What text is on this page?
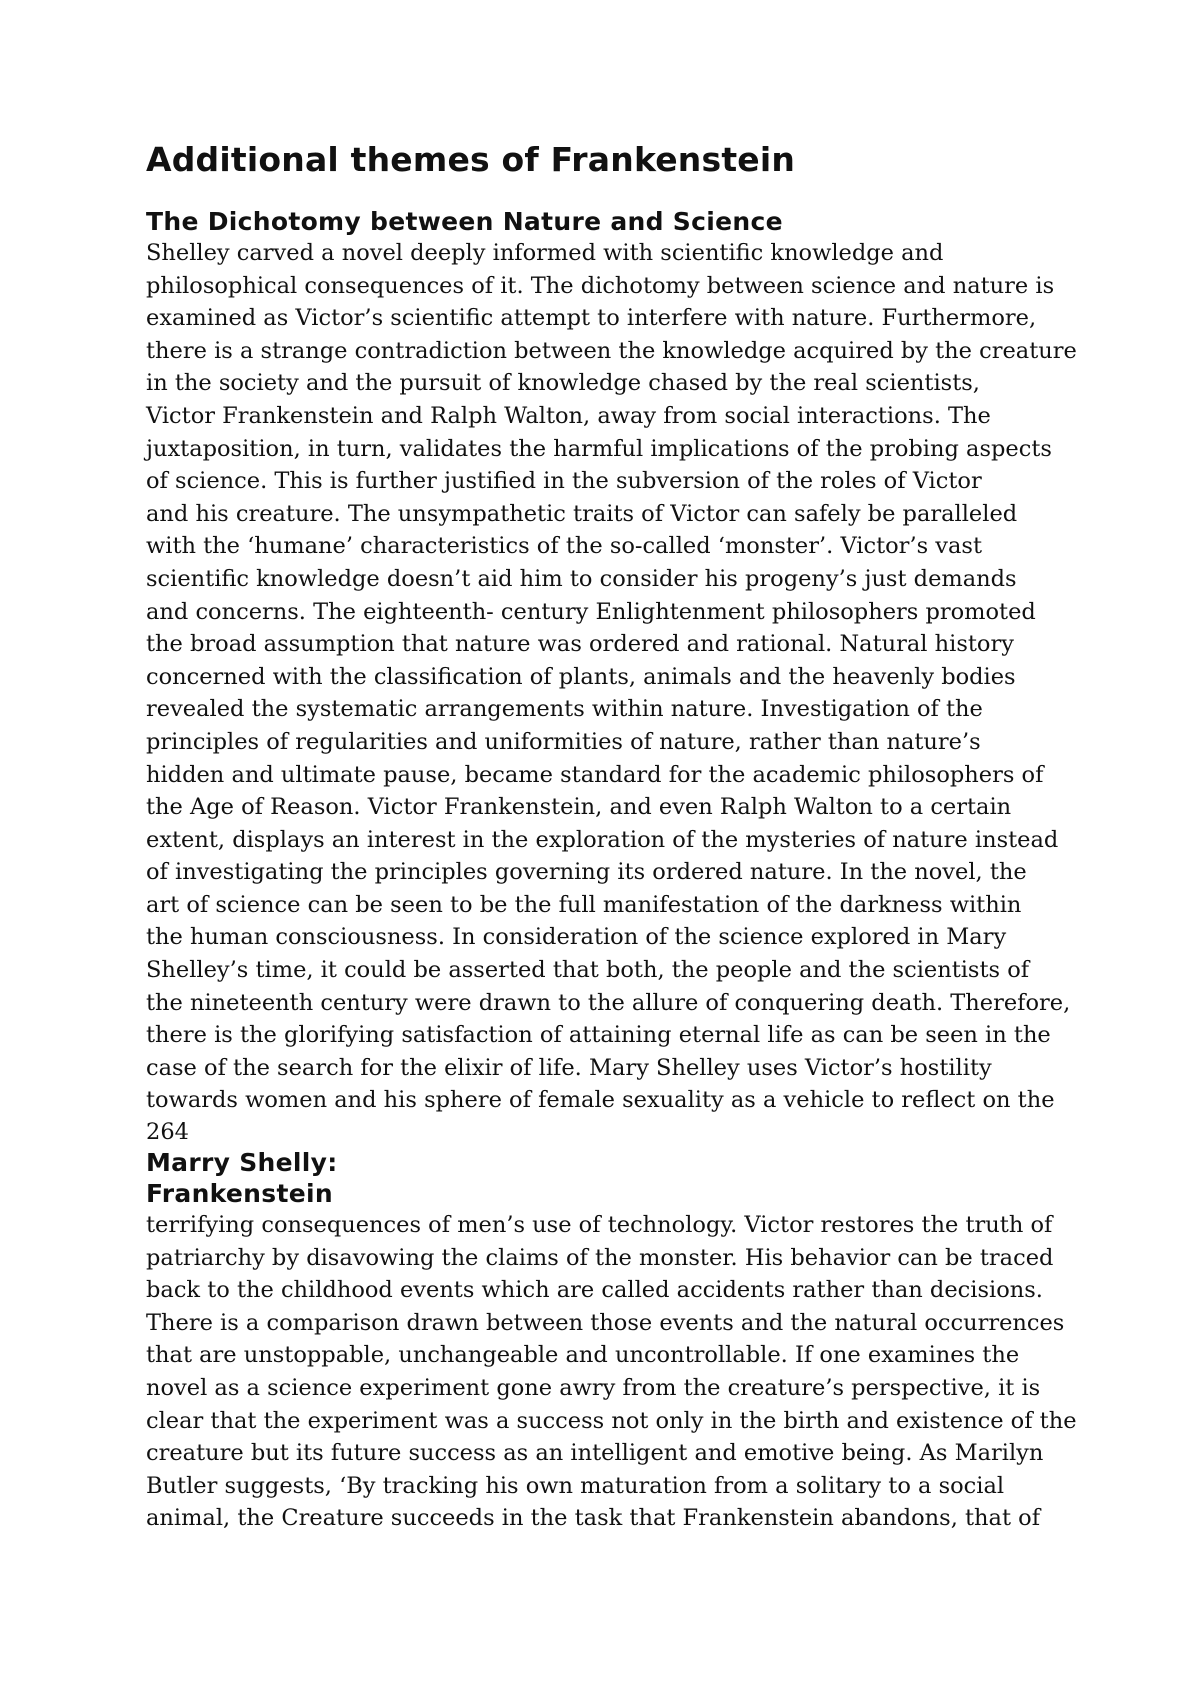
Additional themes of Frankenstein
The Dichotomy between Nature and Science
Shelley carved a novel deeply informed with scientific knowledge and
philosophical consequences of it. The dichotomy between science and nature is
examined as Victor’s scientific attempt to interfere with nature. Furthermore,
there is a strange contradiction between the knowledge acquired by the creature
in the society and the pursuit of knowledge chased by the real scientists,
Victor Frankenstein and Ralph Walton, away from social interactions. The
juxtaposition, in turn, validates the harmful implications of the probing aspects
of science. This is further justified in the subversion of the roles of Victor
and his creature. The unsympathetic traits of Victor can safely be paralleled
with the ‘humane’ characteristics of the so-called ‘monster’. Victor’s vast
scientific knowledge doesn’t aid him to consider his progeny’s just demands
and concerns. The eighteenth- century Enlightenment philosophers promoted
the broad assumption that nature was ordered and rational. Natural history
concerned with the classification of plants, animals and the heavenly bodies
revealed the systematic arrangements within nature. Investigation of the
principles of regularities and uniformities of nature, rather than nature’s
hidden and ultimate pause, became standard for the academic philosophers of
the Age of Reason. Victor Frankenstein, and even Ralph Walton to a certain
extent, displays an interest in the exploration of the mysteries of nature instead
of investigating the principles governing its ordered nature. In the novel, the
art of science can be seen to be the full manifestation of the darkness within
the human consciousness. In consideration of the science explored in Mary
Shelley’s time, it could be asserted that both, the people and the scientists of
the nineteenth century were drawn to the allure of conquering death. Therefore,
there is the glorifying satisfaction of attaining eternal life as can be seen in the
case of the search for the elixir of life. Mary Shelley uses Victor’s hostility
towards women and his sphere of female sexuality as a vehicle to reflect on the
264
Marry Shelly:
Frankenstein
terrifying consequences of men’s use of technology. Victor restores the truth of
patriarchy by disavowing the claims of the monster. His behavior can be traced
back to the childhood events which are called accidents rather than decisions.
There is a comparison drawn between those events and the natural occurrences
that are unstoppable, unchangeable and uncontrollable. If one examines the
novel as a science experiment gone awry from the creature’s perspective, it is
clear that the experiment was a success not only in the birth and existence of the
creature but its future success as an intelligent and emotive being. As Marilyn
Butler suggests, ‘By tracking his own maturation from a solitary to a social
animal, the Creature succeeds in the task that Frankenstein abandons, that of
